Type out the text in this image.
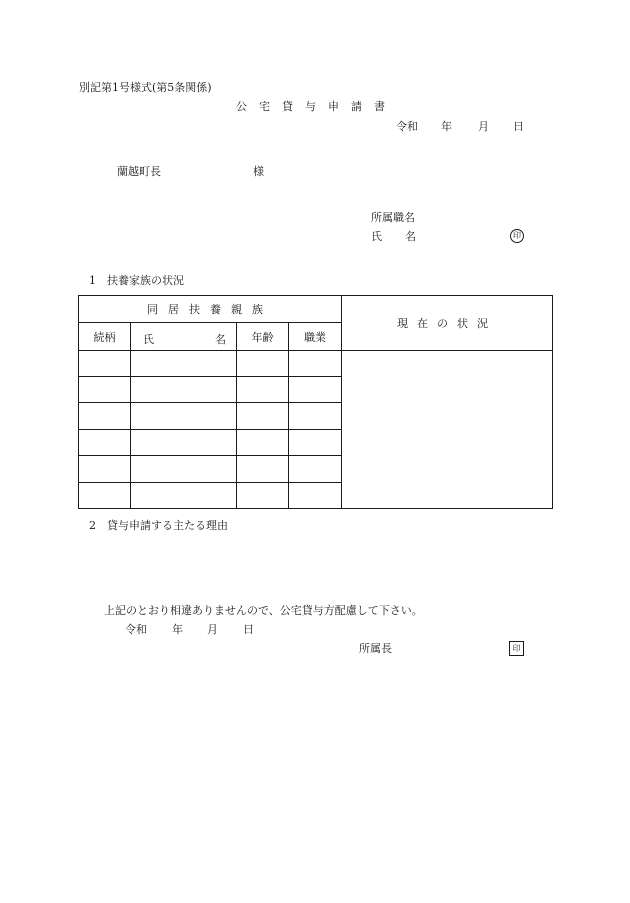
別記第1号様式(第5条関係)
公 宅 貸 与 申 請 書
令和 年 月 日
蘭越町長	様
所属職名
氏 名	印
1　扶養家族の状況
同居扶養親族				現在の状況
続柄	氏 名	年齢	職業	

2　貸与申請する主たる理由
上記のとおり相違ありませんので、公宅貸与方配慮して下さい。
令和 年 月 日
所属長	印
